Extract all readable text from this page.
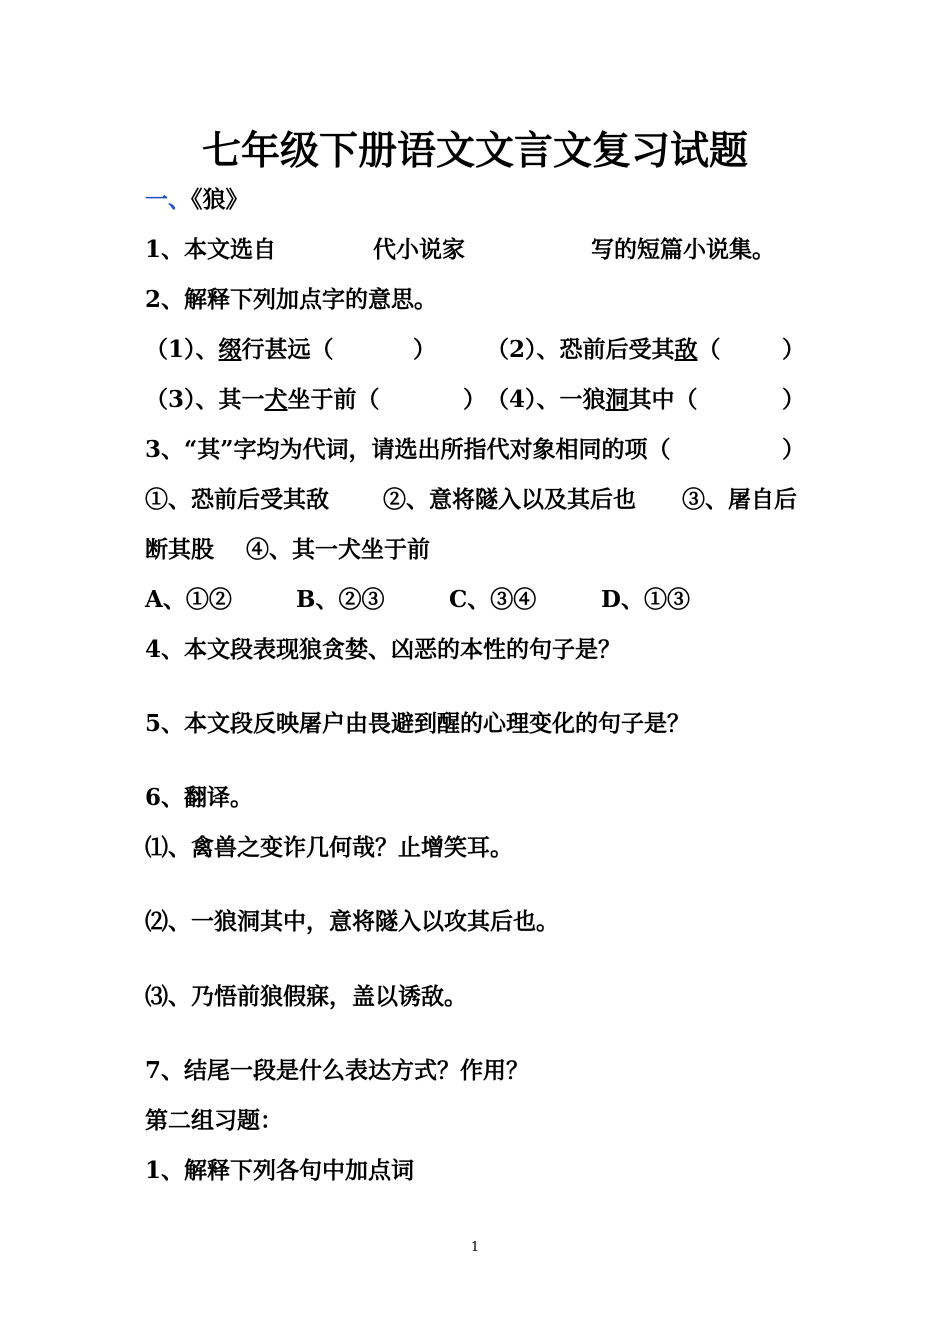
七年级下册语文文言文复习试题
一、《狼》
1、本文选自	代小说家	写的短篇小说集。
2、解释下列加点字的意思。
（1）、缀行甚远（	） （2）、恐前后受其敌（	）
（3）、其一犬坐于前（	） （4）、一狼洞其中（	）
3、“其”字均为代词，请选出所指代对象相同的项（	）
①、恐前后受其敌 ②、意将隧入以及其后也 ③、屠自后
断其股 ④、其一犬坐于前
A、①②	B、②③	C、③④	D、①③
4、本文段表现狼贪婪、凶恶的本性的句子是？
5、本文段反映屠户由畏避到醒的心理变化的句子是？
6、翻译。
⑴、禽兽之变诈几何哉？止增笑耳。
⑵、一狼洞其中，意将隧入以攻其后也。
⑶、乃悟前狼假寐，盖以诱敌。
7、结尾一段是什么表达方式？作用？
第二组习题：
1、解释下列各句中加点词
1
